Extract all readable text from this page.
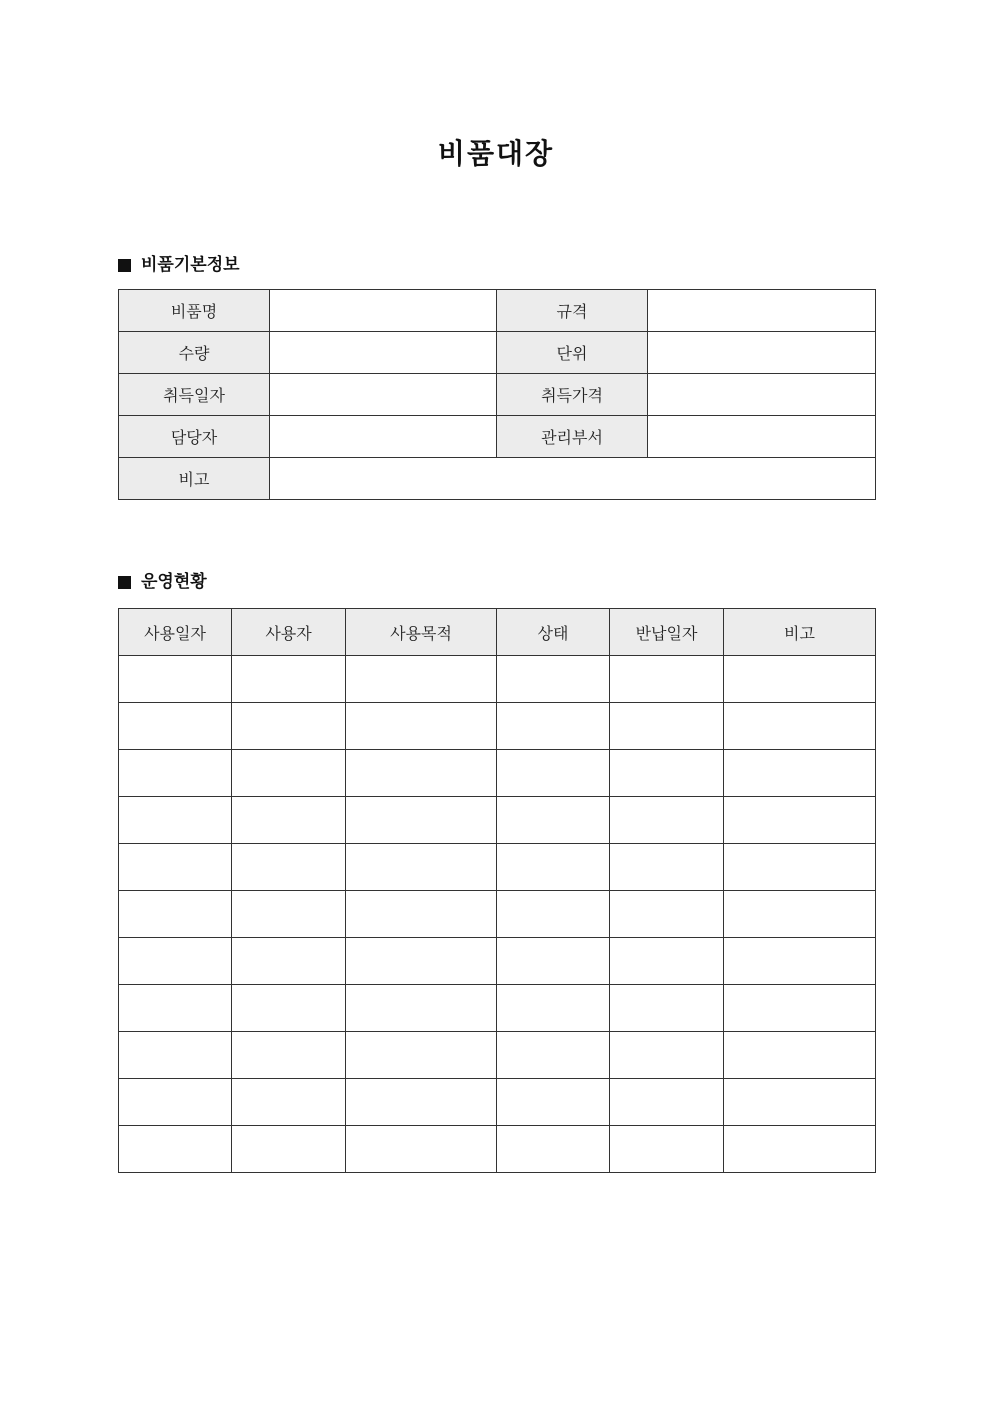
비품대장
비품기본정보
비품명		규격	
수량		단위	
취득일자		취득가격	
담당자		관리부서	
비고			
운영현황
사용일자	사용자	사용목적	상태	반납일자	비고
